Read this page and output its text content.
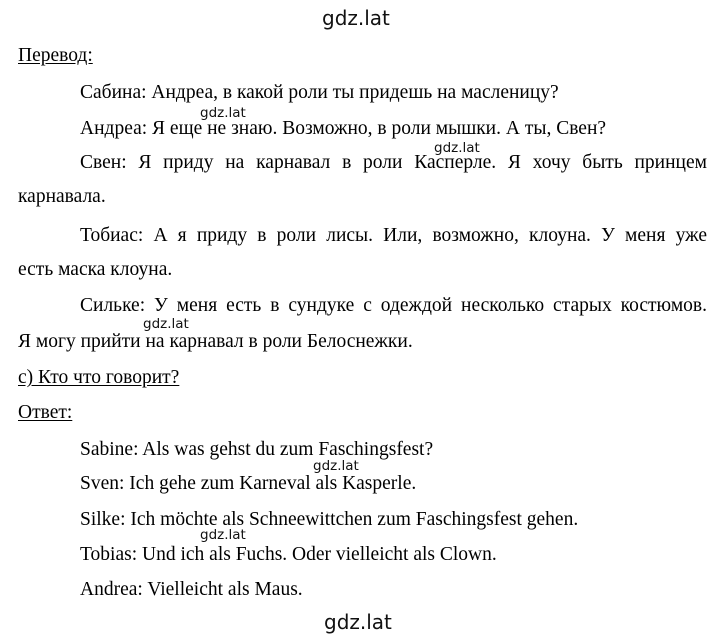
gdz.lat
gdz.lat
gdz.lat
gdz.lat
gdz.lat
gdz.lat
gdz.lat
Перевод:
Сабина: Андреа, в какой роли ты придешь на масленицу?
Андреа: Я еще не знаю. Возможно, в роли мышки. А ты, Свен?
Свен: Я приду на карнавал в роли Касперле. Я хочу быть принцем
карнавала.
Тобиас: А я приду в роли лисы. Или, возможно, клоуна. У меня уже
есть маска клоуна.
Сильке: У меня есть в сундуке с одеждой несколько старых костюмов.
Я могу прийти на карнавал в роли Белоснежки.
c) Кто что говорит?
Ответ:
Sabine: Als was gehst du zum Faschingsfest?
Sven: Ich gehe zum Karneval als Kasperle.
Silke: Ich möchte als Schneewittchen zum Faschingsfest gehen.
Tobias: Und ich als Fuchs. Oder vielleicht als Clown.
Andrea: Vielleicht als Maus.
